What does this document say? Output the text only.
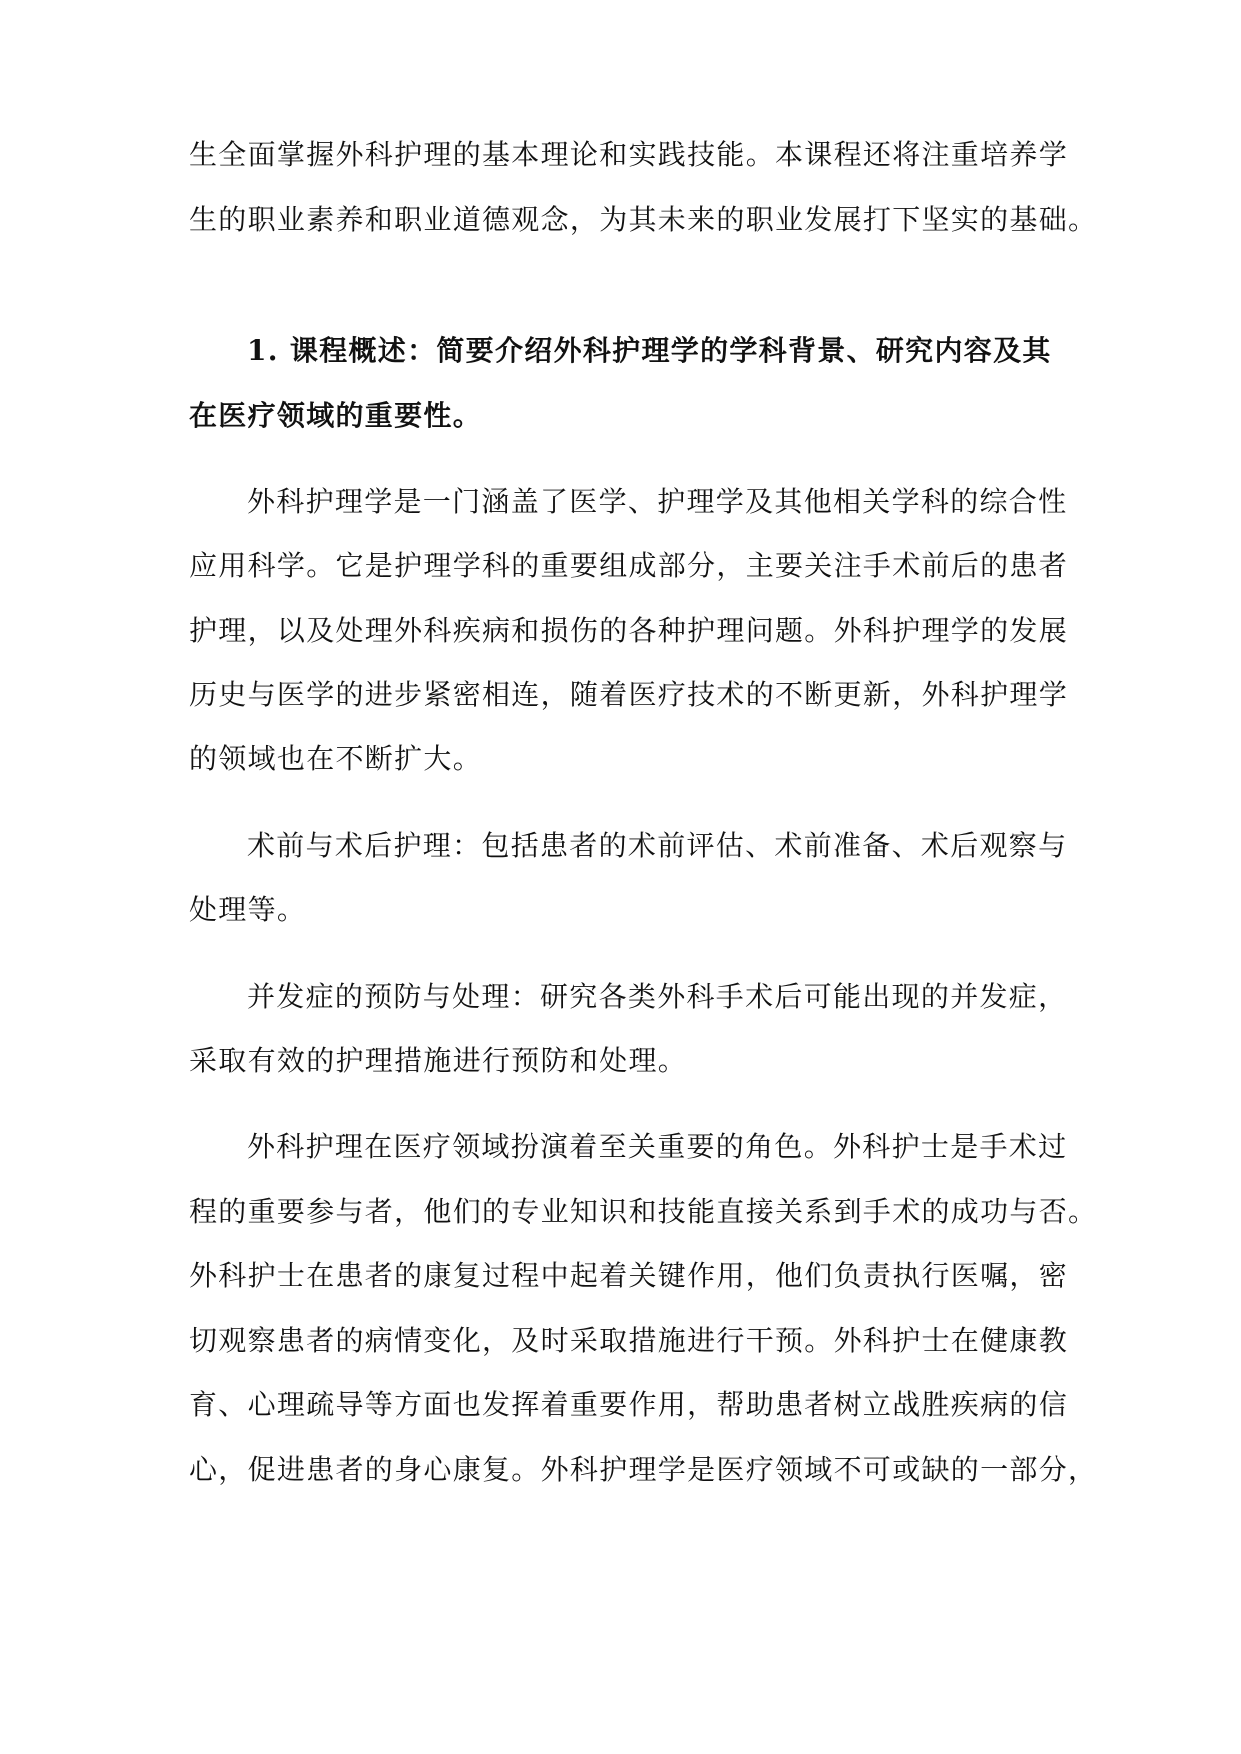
生全面掌握外科护理的基本理论和实践技能。本课程还将注重培养学
生的职业素养和职业道德观念，为其未来的职业发展打下坚实的基础。
1. 课程概述：简要介绍外科护理学的学科背景、研究内容及其
在医疗领域的重要性。
外科护理学是一门涵盖了医学、护理学及其他相关学科的综合性
应用科学。它是护理学科的重要组成部分，主要关注手术前后的患者
护理，以及处理外科疾病和损伤的各种护理问题。外科护理学的发展
历史与医学的进步紧密相连，随着医疗技术的不断更新，外科护理学
的领域也在不断扩大。
术前与术后护理：包括患者的术前评估、术前准备、术后观察与
处理等。
并发症的预防与处理：研究各类外科手术后可能出现的并发症，
采取有效的护理措施进行预防和处理。
外科护理在医疗领域扮演着至关重要的角色。外科护士是手术过
程的重要参与者，他们的专业知识和技能直接关系到手术的成功与否。
外科护士在患者的康复过程中起着关键作用，他们负责执行医嘱，密
切观察患者的病情变化，及时采取措施进行干预。外科护士在健康教
育、心理疏导等方面也发挥着重要作用，帮助患者树立战胜疾病的信
心，促进患者的身心康复。外科护理学是医疗领域不可或缺的一部分，
